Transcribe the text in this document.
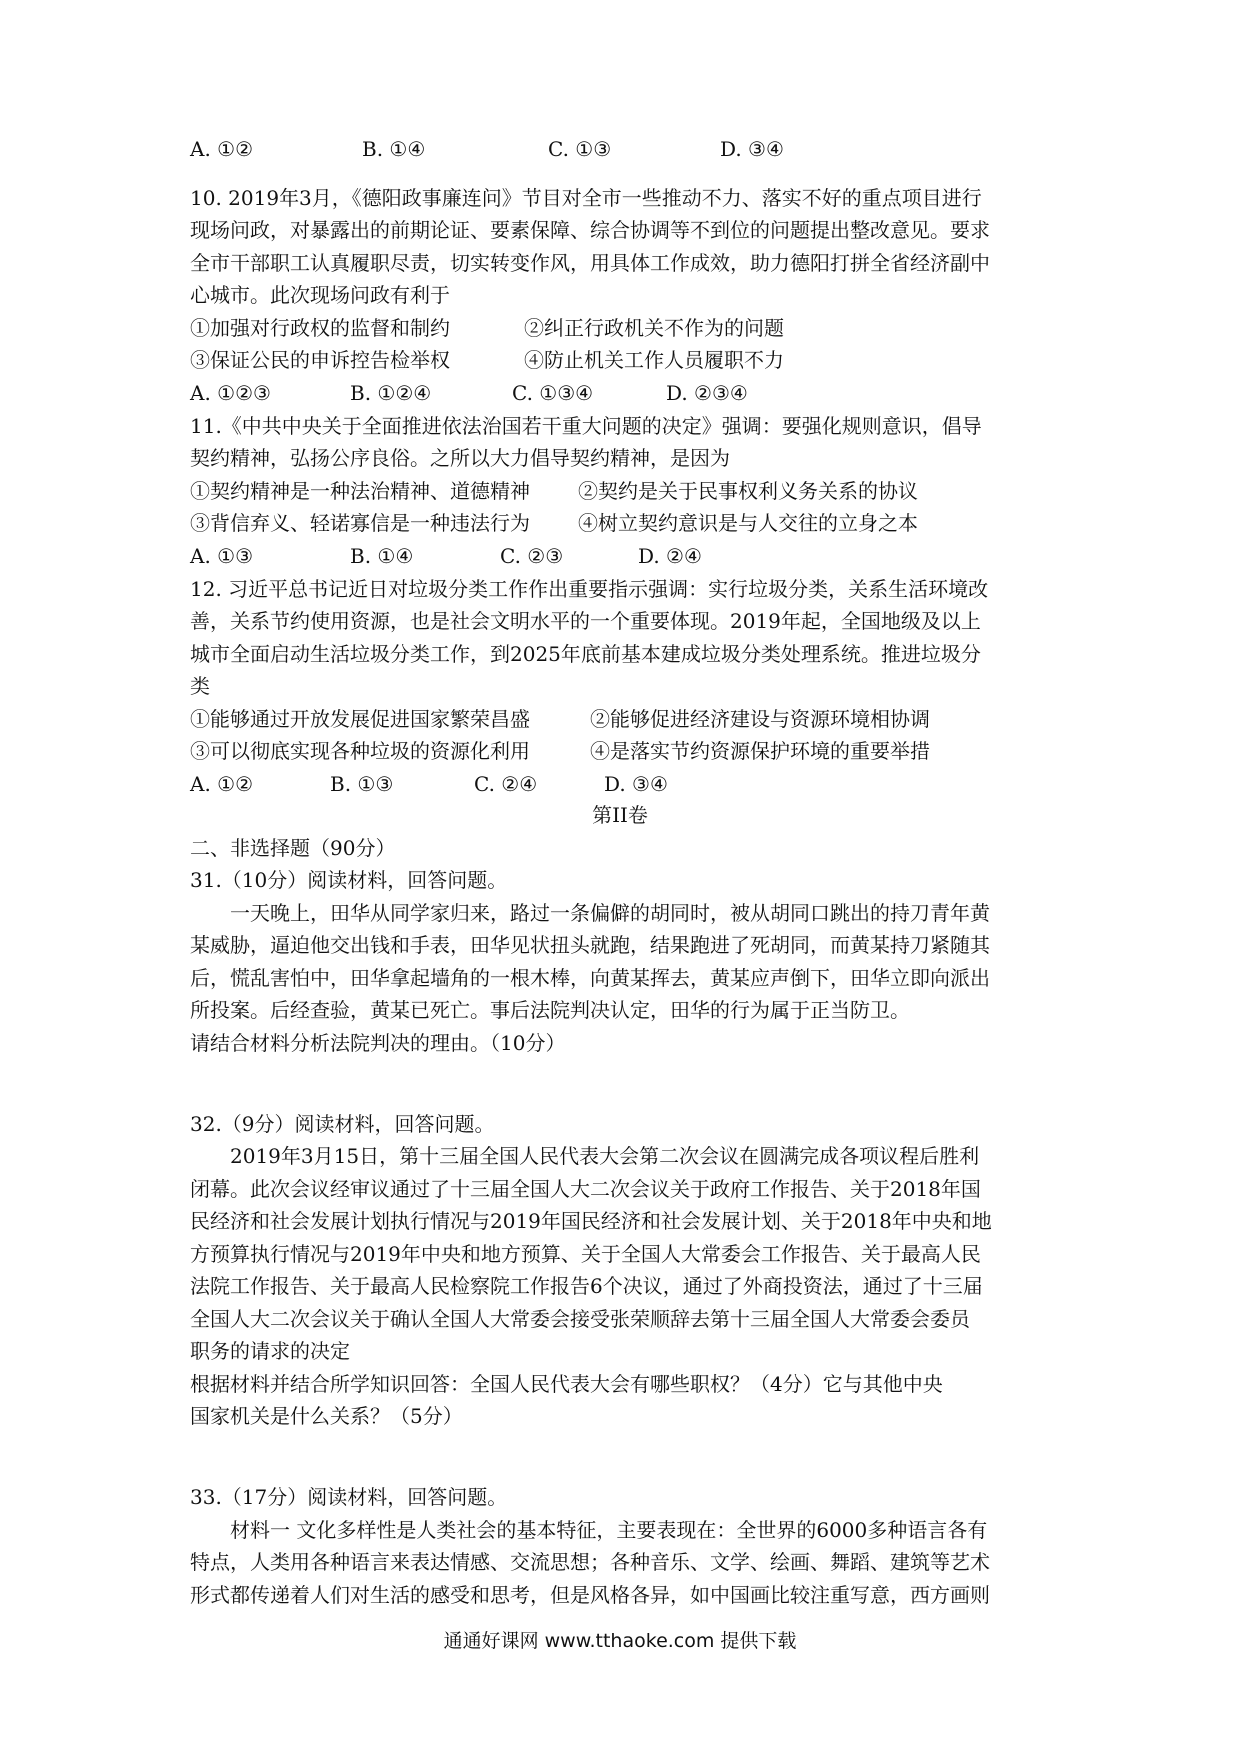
A. ①②	B. ①④	C. ①③	D. ③④
10. 2019年3月，《德阳政事廉连问》节目对全市一些推动不力、落实不好的重点项目进行
现场问政，对暴露出的前期论证、要素保障、综合协调等不到位的问题提出整改意见。要求
全市干部职工认真履职尽责，切实转变作风，用具体工作成效，助力德阳打拼全省经济副中
心城市。此次现场问政有利于
①加强对行政权的监督和制约	②纠正行政机关不作为的问题
③保证公民的申诉控告检举权	④防止机关工作人员履职不力
A. ①②③	B. ①②④	C. ①③④	D. ②③④
11.《中共中央关于全面推进依法治国若干重大问题的决定》强调：要强化规则意识，倡导
契约精神，弘扬公序良俗。之所以大力倡导契约精神，是因为
①契约精神是一种法治精神、道德精神 ②契约是关于民事权利义务关系的协议
③背信弃义、轻诺寡信是一种违法行为 ④树立契约意识是与人交往的立身之本
A. ①③	B. ①④	C. ②③	D. ②④
12. 习近平总书记近日对垃圾分类工作作出重要指示强调：实行垃圾分类，关系生活环境改
善，关系节约使用资源，也是社会文明水平的一个重要体现。2019年起，全国地级及以上
城市全面启动生活垃圾分类工作，到2025年底前基本建成垃圾分类处理系统。推进垃圾分
类
①能够通过开放发展促进国家繁荣昌盛	②能够促进经济建设与资源环境相协调
③可以彻底实现各种垃圾的资源化利用	④是落实节约资源保护环境的重要举措
A. ①②	B. ①③	C. ②④	D. ③④
第II卷
二、非选择题（90分）
31.（10分）阅读材料，回答问题。
一天晚上，田华从同学家归来，路过一条偏僻的胡同时，被从胡同口跳出的持刀青年黄
某威胁，逼迫他交出钱和手表，田华见状扭头就跑，结果跑进了死胡同，而黄某持刀紧随其
后，慌乱害怕中，田华拿起墙角的一根木棒，向黄某挥去，黄某应声倒下，田华立即向派出
所投案。后经查验，黄某已死亡。事后法院判决认定，田华的行为属于正当防卫。
请结合材料分析法院判决的理由。（10分）
32.（9分）阅读材料，回答问题。
2019年3月15日，第十三届全国人民代表大会第二次会议在圆满完成各项议程后胜利
闭幕。此次会议经审议通过了十三届全国人大二次会议关于政府工作报告、关于2018年国
民经济和社会发展计划执行情况与2019年国民经济和社会发展计划、关于2018年中央和地
方预算执行情况与2019年中央和地方预算、关于全国人大常委会工作报告、关于最高人民
法院工作报告、关于最高人民检察院工作报告6个决议，通过了外商投资法，通过了十三届
全国人大二次会议关于确认全国人大常委会接受张荣顺辞去第十三届全国人大常委会委员
职务的请求的决定
根据材料并结合所学知识回答：全国人民代表大会有哪些职权？（4分）它与其他中央
国家机关是什么关系？（5分）
33.（17分）阅读材料，回答问题。
材料一 文化多样性是人类社会的基本特征，主要表现在：全世界的6000多种语言各有
特点，人类用各种语言来表达情感、交流思想；各种音乐、文学、绘画、舞蹈、建筑等艺术
形式都传递着人们对生活的感受和思考，但是风格各异，如中国画比较注重写意，西方画则
通通好课网 www.tthaoke.com 提供下载
